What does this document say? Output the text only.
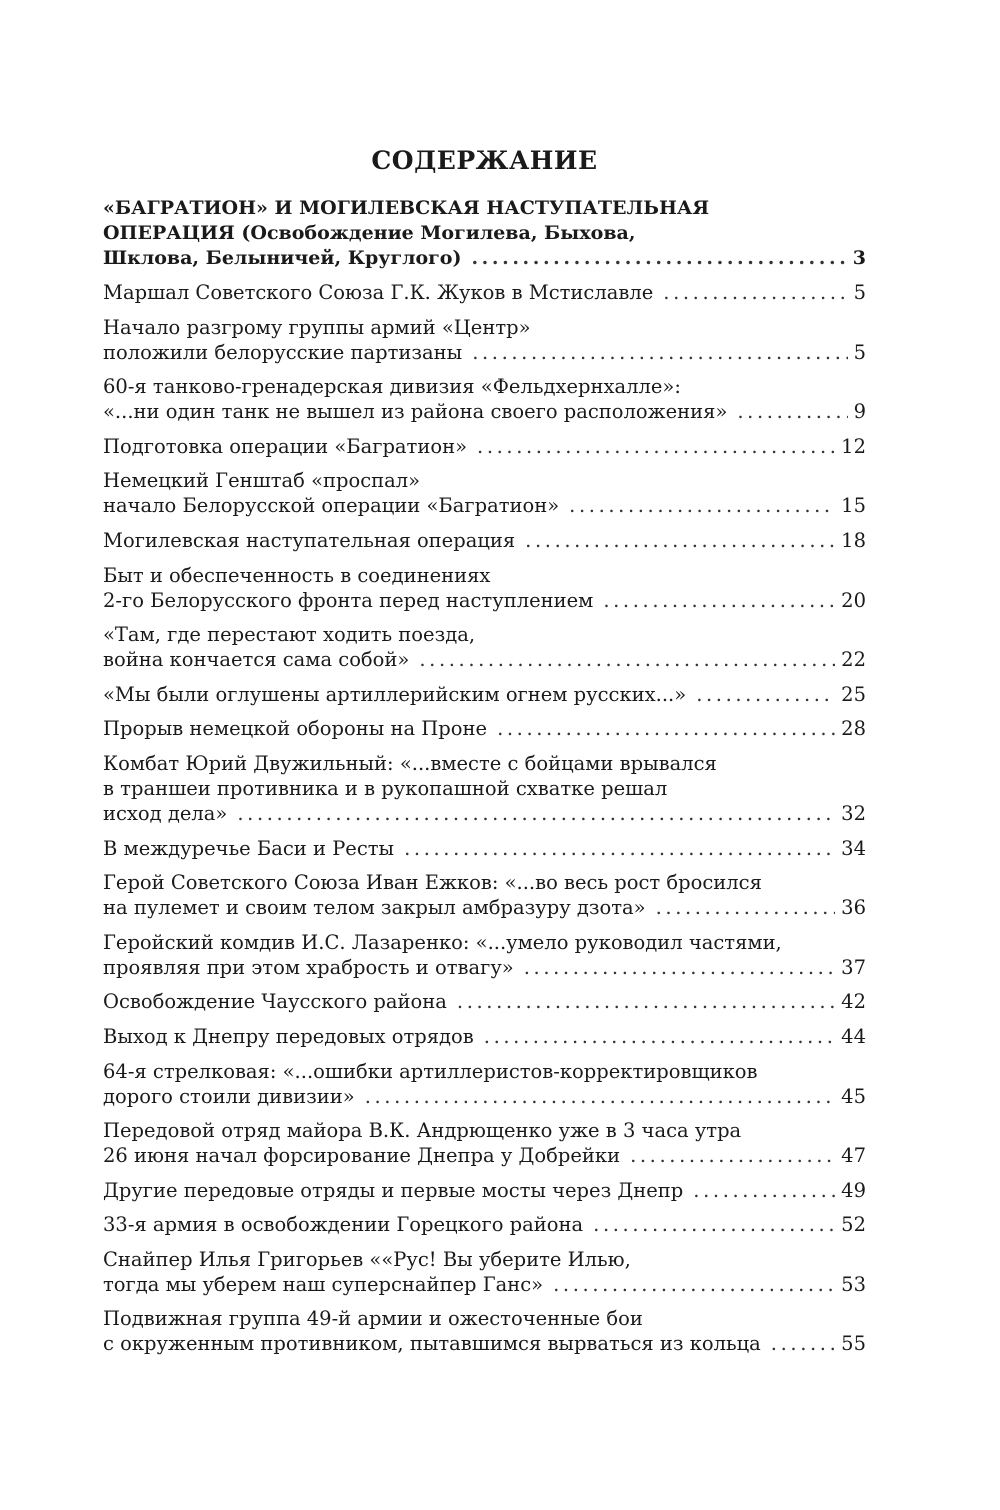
СОДЕРЖАНИЕ
«БАГРАТИОН» И МОГИЛЕВСКАЯ НАСТУПАТЕЛЬНАЯ
ОПЕРАЦИЯ (Освобождение Могилева, Быхова,
Шклова, Белыничей, Круглого) .....	3
Маршал Советского Союза Г.К. Жуков в Мстиславле .....	5
Начало разгрому группы армий «Центр»
положили белорусские партизаны .....	5
60-я танково-гренадерская дивизия «Фельдхернхалле»:
«...ни один танк не вышел из района своего расположения» .....	9
Подготовка операции «Багратион» .....	12
Немецкий Генштаб «проспал»
начало Белорусской операции «Багратион» .....	15
Могилевская наступательная операция .....	18
Быт и обеспеченность в соединениях
2-го Белорусского фронта перед наступлением .....	20
«Там, где перестают ходить поезда,
война кончается сама собой» .....	22
«Мы были оглушены артиллерийским огнем русских...» .....	25
Прорыв немецкой обороны на Проне .....	28
Комбат Юрий Двужильный: «...вместе с бойцами врывался
в траншеи противника и в рукопашной схватке решал
исход дела» .....	32
В междуречье Баси и Ресты .....	34
Герой Советского Союза Иван Ежков: «...во весь рост бросился
на пулемет и своим телом закрыл амбразуру дзота» .....	36
Геройский комдив И.С. Лазаренко: «...умело руководил частями,
проявляя при этом храбрость и отвагу» .....	37
Освобождение Чаусского района .....	42
Выход к Днепру передовых отрядов .....	44
64-я стрелковая: «...ошибки артиллеристов-корректировщиков
дорого стоили дивизии» .....	45
Передовой отряд майора В.К. Андрющенко уже в 3 часа утра
26 июня начал форсирование Днепра у Добрейки .....	47
Другие передовые отряды и первые мосты через Днепр .....	49
33-я армия в освобождении Горецкого района .....	52
Снайпер Илья Григорьев ««Рус! Вы уберите Илью,
тогда мы уберем наш суперснайпер Ганс» .....	53
Подвижная группа 49-й армии и ожесточенные бои
с окруженным противником, пытавшимся вырваться из кольца .....	55
